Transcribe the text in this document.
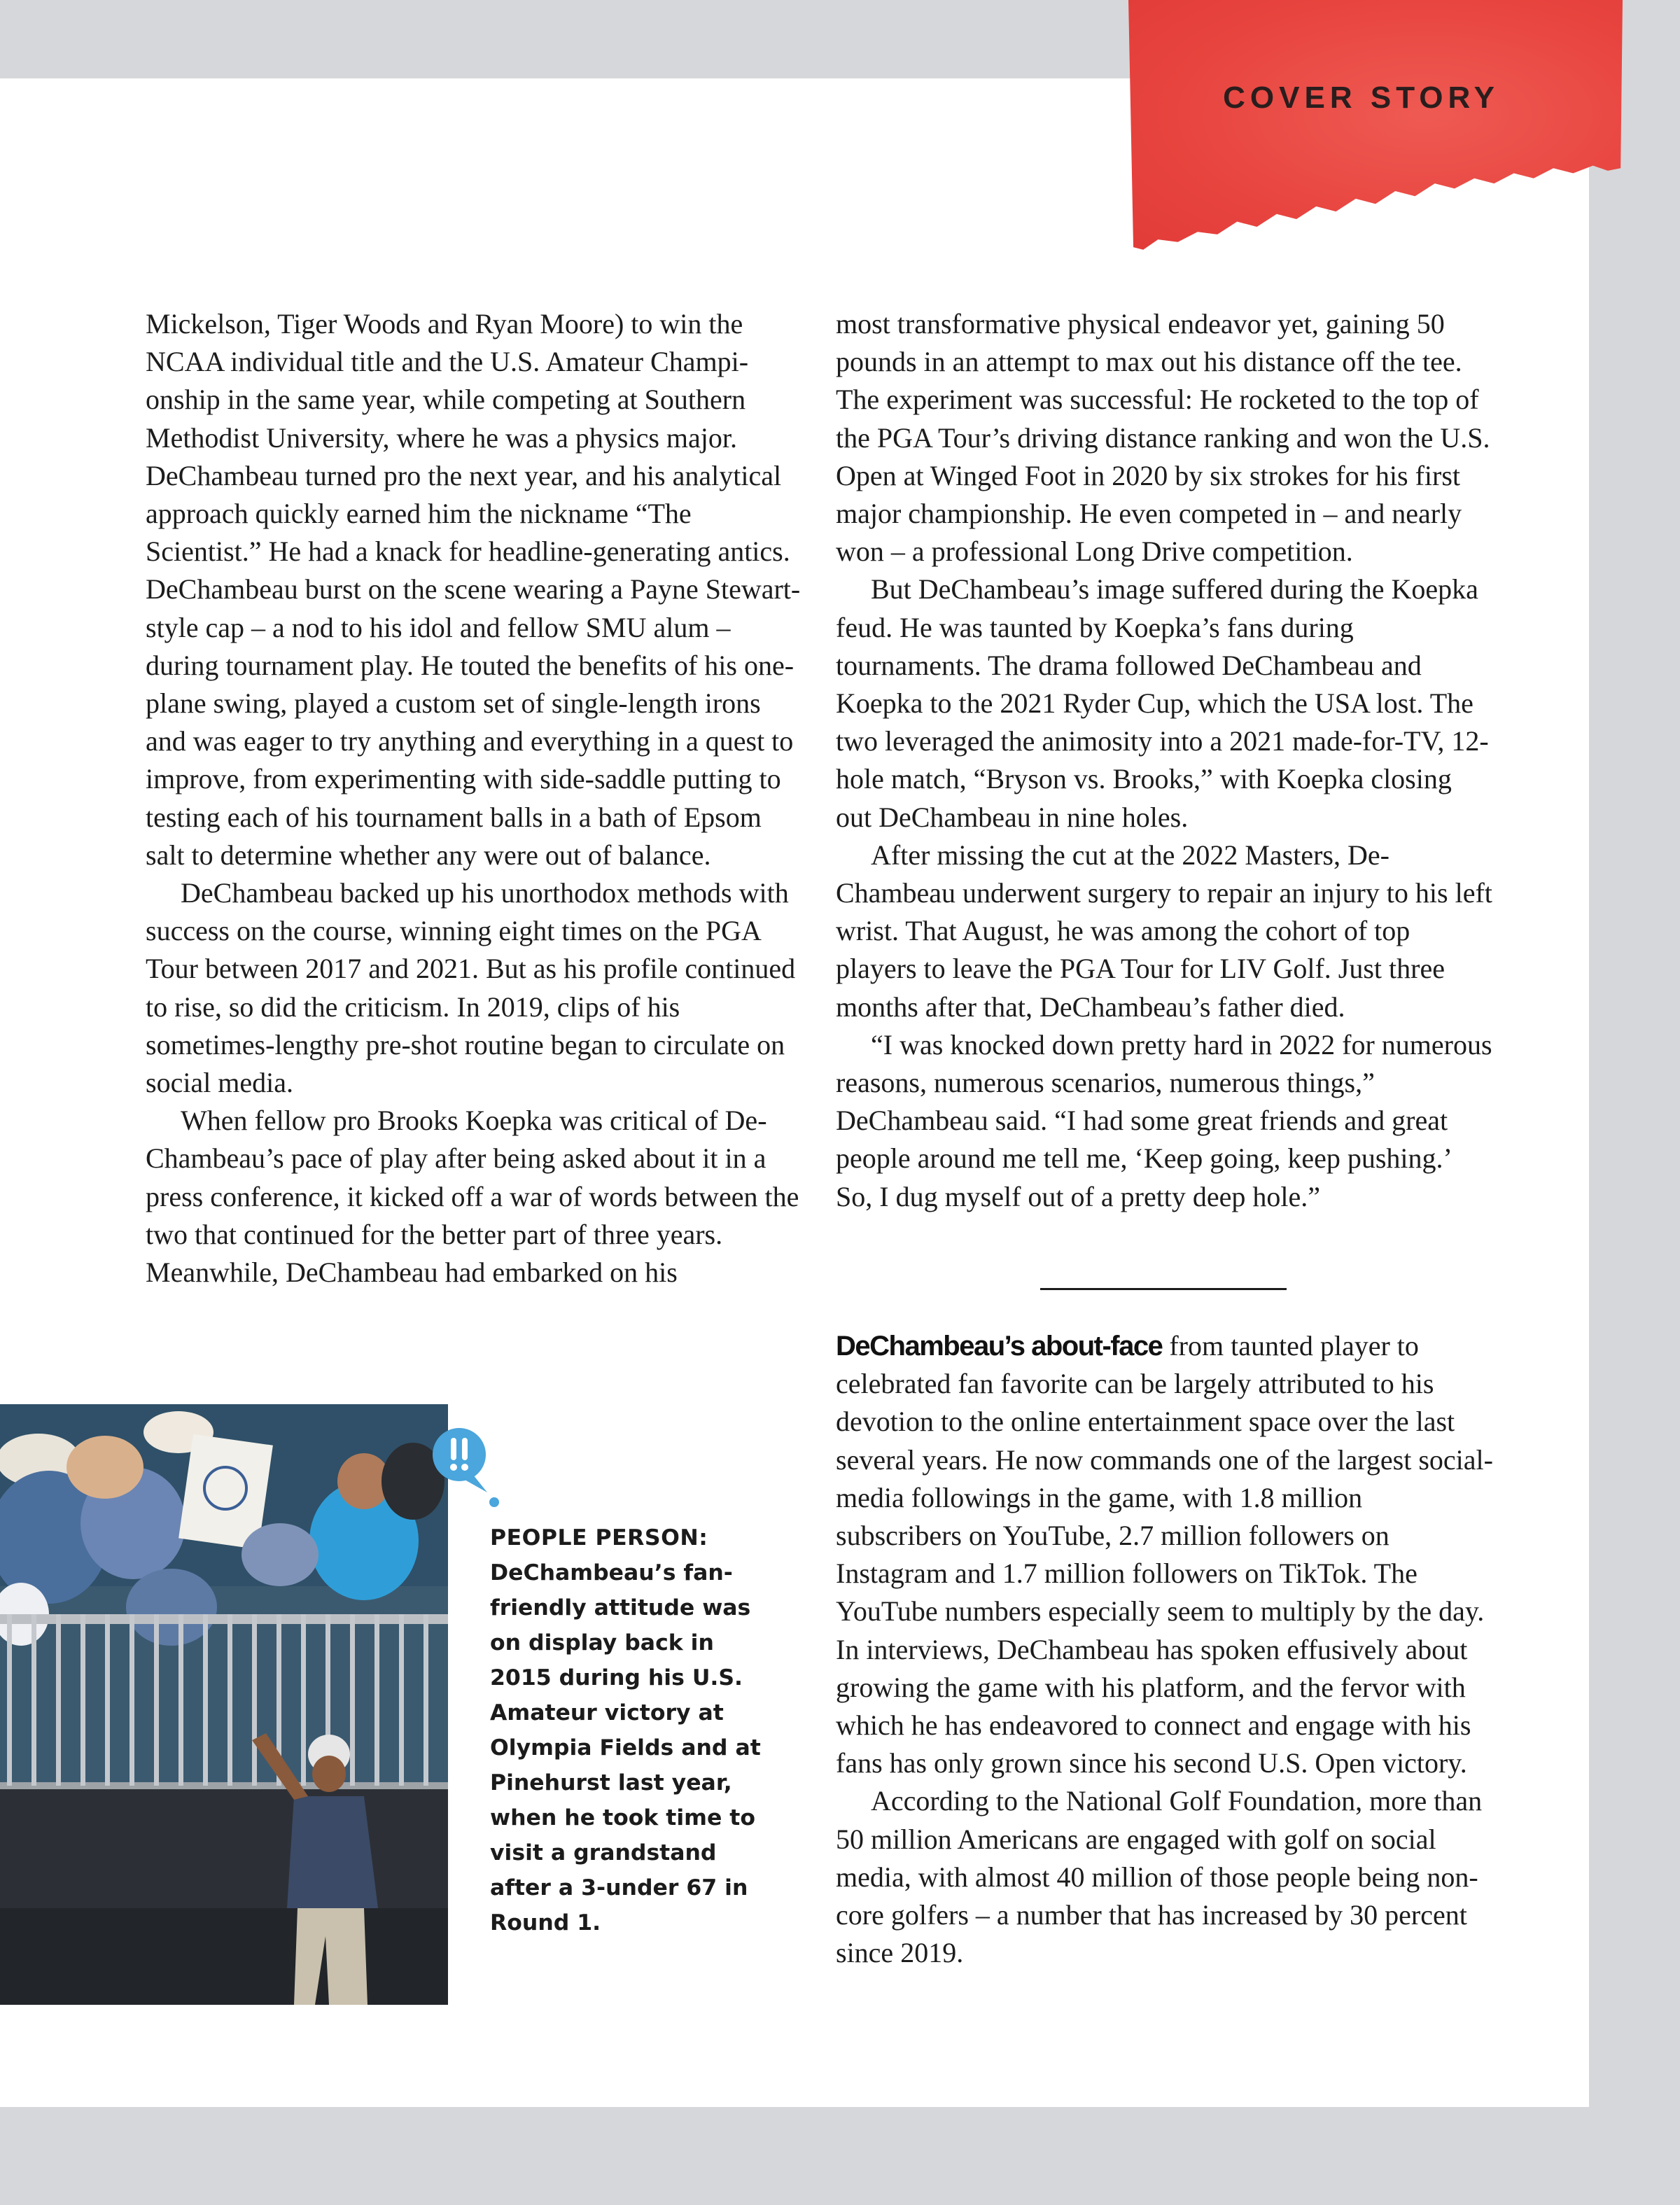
COVER STORY

Mickelson, Tiger Woods and Ryan Moore) to win the NCAA individual title and the U.S. Amateur Championship in the same year, while competing at Southern Methodist University, where he was a physics major. DeChambeau turned pro the next year, and his analytical approach quickly earned him the nickname “The Scientist.” He had a knack for headline-generating antics. DeChambeau burst on the scene wearing a Payne Stewart-style cap – a nod to his idol and fellow SMU alum – during tournament play. He touted the benefits of his one-plane swing, played a custom set of single-length irons and was eager to try anything and everything in a quest to improve, from experimenting with side-saddle putting to testing each of his tournament balls in a bath of Epsom salt to determine whether any were out of balance.

DeChambeau backed up his unorthodox methods with success on the course, winning eight times on the PGA Tour between 2017 and 2021. But as his profile continued to rise, so did the criticism. In 2019, clips of his sometimes-lengthy pre-shot routine began to circulate on social media.

When fellow pro Brooks Koepka was critical of DeChambeau’s pace of play after being asked about it in a press conference, it kicked off a war of words between the two that continued for the better part of three years. Meanwhile, DeChambeau had embarked on his

most transformative physical endeavor yet, gaining 50 pounds in an attempt to max out his distance off the tee. The experiment was successful: He rocketed to the top of the PGA Tour’s driving distance ranking and won the U.S. Open at Winged Foot in 2020 by six strokes for his first major championship. He even competed in – and nearly won – a professional Long Drive competition.

But DeChambeau’s image suffered during the Koepka feud. He was taunted by Koepka’s fans during tournaments. The drama followed DeChambeau and Koepka to the 2021 Ryder Cup, which the USA lost. The two leveraged the animosity into a 2021 made-for-TV, 12-hole match, “Bryson vs. Brooks,” with Koepka closing out DeChambeau in nine holes.

After missing the cut at the 2022 Masters, DeChambeau underwent surgery to repair an injury to his left wrist. That August, he was among the cohort of top players to leave the PGA Tour for LIV Golf. Just three months after that, DeChambeau’s father died.

“I was knocked down pretty hard in 2022 for numerous reasons, numerous scenarios, numerous things,” DeChambeau said. “I had some great friends and great people around me tell me, ‘Keep going, keep pushing.’ So, I dug myself out of a pretty deep hole.”

DeChambeau’s about-face from taunted player to celebrated fan favorite can be largely attributed to his devotion to the online entertainment space over the last several years. He now commands one of the largest social-media followings in the game, with 1.8 million subscribers on YouTube, 2.7 million followers on Instagram and 1.7 million followers on TikTok. The YouTube numbers especially seem to multiply by the day. In interviews, DeChambeau has spoken effusively about growing the game with his platform, and the fervor with which he has endeavored to connect and engage with his fans has only grown since his second U.S. Open victory.

According to the National Golf Foundation, more than 50 million Americans are engaged with golf on social media, with almost 40 million of those people being non-core golfers – a number that has increased by 30 percent since 2019.

PEOPLE PERSON: DeChambeau’s fan-friendly attitude was on display back in 2015 during his U.S. Amateur victory at Olympia Fields and at Pinehurst last year, when he took time to visit a grandstand after a 3-under 67 in Round 1.
